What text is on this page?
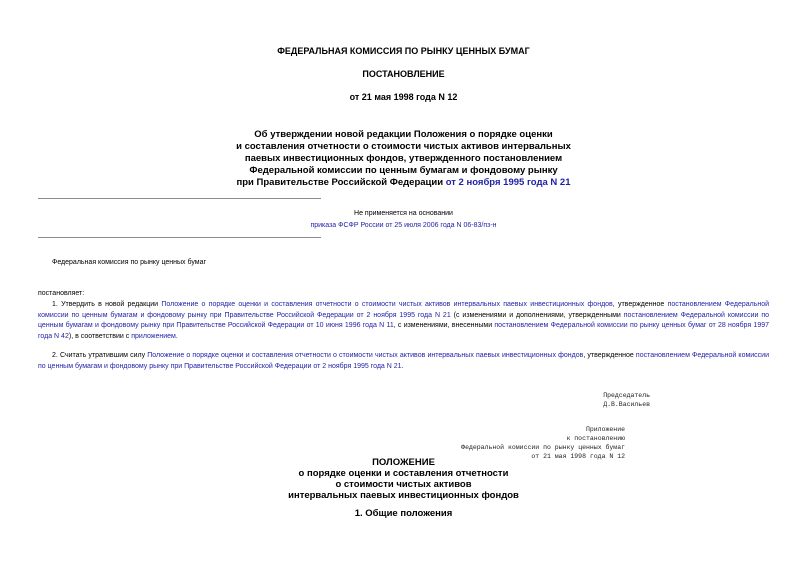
ФЕДЕРАЛЬНАЯ КОМИССИЯ ПО РЫНКУ ЦЕННЫХ БУМАГ
ПОСТАНОВЛЕНИЕ
от 21 мая 1998 года N 12
Об утверждении новой редакции Положения о порядке оценки
и составления отчетности о стоимости чистых активов интервальных
паевых инвестиционных фондов, утвержденного постановлением
Федеральной комиссии по ценным бумагам и фондовому рынку
при Правительстве Российской Федерации от 2 ноября 1995 года N 21
Не применяется на основании
приказа ФСФР России от 25 июля 2006 года N 06-83/пз-н
Федеральная комиссия по рынку ценных бумаг
постановляет:
1. Утвердить в новой редакции Положение о порядке оценки и составления отчетности о стоимости чистых активов интервальных паевых инвестиционных фондов, утвержденное постановлением Федеральной комиссии по ценным бумагам и фондовому рынку при Правительстве Российской Федерации от 2 ноября 1995 года N 21 (с изменениями и дополнениями, утвержденными постановлением Федеральной комиссии по ценным бумагам и фондовому рынку при Правительстве Российской Федерации от 10 июня 1996 года N 11, с изменениями, внесенными постановлением Федеральной комиссии по рынку ценных бумаг от 28 ноября 1997 года N 42), в соответствии с приложением.
2. Считать утратившим силу Положение о порядке оценки и составления отчетности о стоимости чистых активов интервальных паевых инвестиционных фондов, утвержденное постановлением Федеральной комиссии по ценным бумагам и фондовому рынку при Правительстве Российской Федерации от 2 ноября 1995 года N 21.
Председатель
Д.В.Васильев
Приложение
к постановлению
Федеральной комиссии по рынку ценных бумаг
от 21 мая 1998 года N 12
ПОЛОЖЕНИЕ
о порядке оценки и составления отчетности
о стоимости чистых активов
интервальных паевых инвестиционных фондов
1. Общие положения
